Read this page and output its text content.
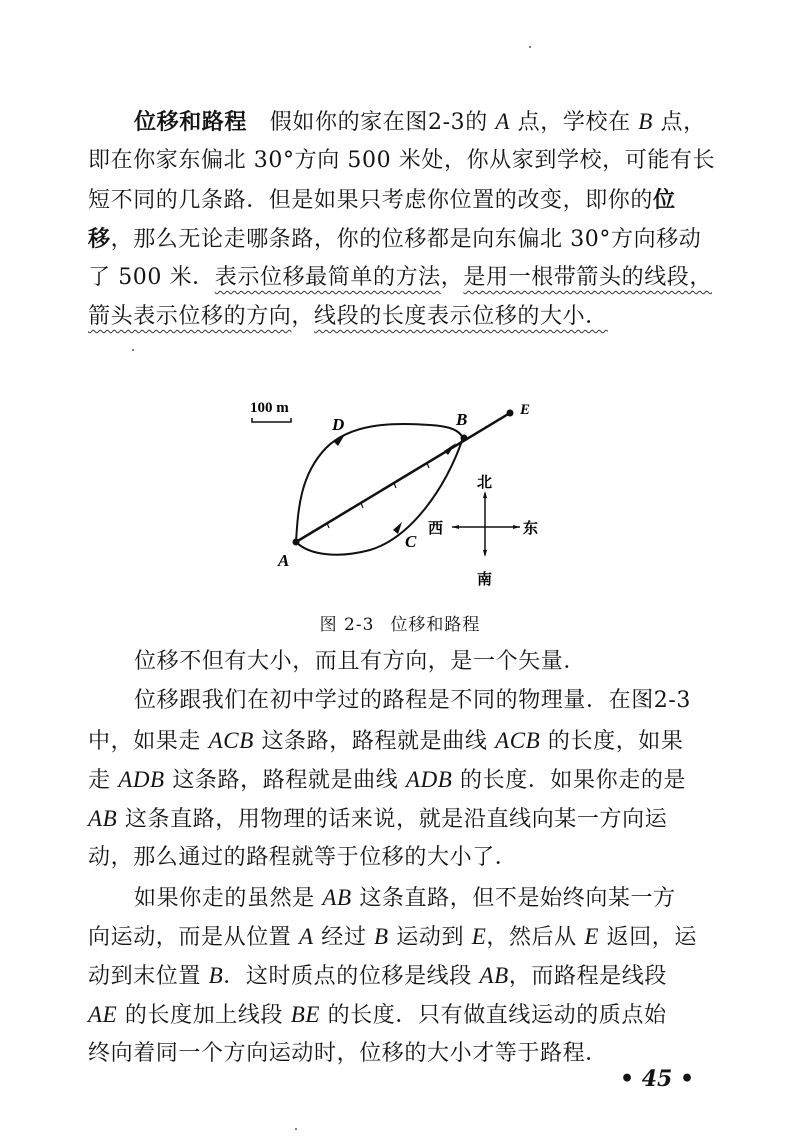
位移和路程 假如你的家在图2-3的 A 点，学校在 B 点，
即在你家东偏北 30°方向 500 米处，你从家到学校，可能有长
短不同的几条路．但是如果只考虑你位置的改变，即你的位
移，那么无论走哪条路，你的位移都是向东偏北 30°方向移动
了 500 米．表示位移最简单的方法，是用一根带箭头的线段，
箭头表示位移的方向，线段的长度表示位移的大小．
100 m
A
B
C
D
E
北
南
东
西
图 2-3 位移和路程
位移不但有大小，而且有方向，是一个矢量．
位移跟我们在初中学过的路程是不同的物理量．在图2-3
中，如果走 ACB 这条路，路程就是曲线 ACB 的长度，如果
走 ADB 这条路，路程就是曲线 ADB 的长度．如果你走的是
AB 这条直路，用物理的话来说，就是沿直线向某一方向运
动，那么通过的路程就等于位移的大小了．
如果你走的虽然是 AB 这条直路，但不是始终向某一方
向运动，而是从位置 A 经过 B 运动到 E，然后从 E 返回，运
动到末位置 B．这时质点的位移是线段 AB，而路程是线段
AE 的长度加上线段 BE 的长度．只有做直线运动的质点始
终向着同一个方向运动时，位移的大小才等于路程．
• 45 •
